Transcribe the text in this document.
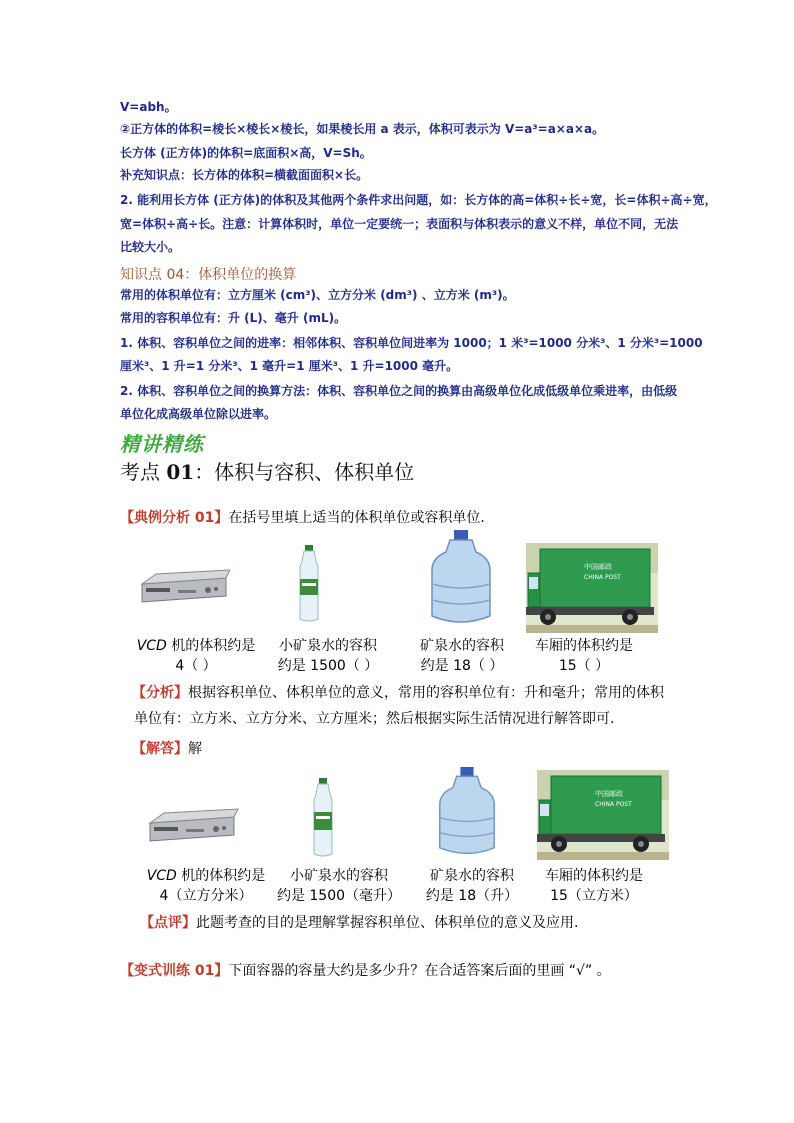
V=abh。
②正方体的体积=棱长×棱长×棱长，如果棱长用 a 表示，体积可表示为 V=a³=a×a×a。
长方体 (正方体)的体积=底面积×高，V=Sh。
补充知识点：长方体的体积=横截面面积×长。
2. 能利用长方体 (正方体)的体积及其他两个条件求出问题，如：长方体的高=体积÷长÷宽，长=体积÷高÷宽，
宽=体积÷高÷长。注意：计算体积时，单位一定要统一；表面积与体积表示的意义不样，单位不同，无法
比较大小。
知识点 04：体积单位的换算
常用的体积单位有：立方厘米 (cm³)、立方分米 (dm³) 、立方米 (m³)。
常用的容积单位有：升 (L)、毫升 (mL)。
1. 体积、容积单位之间的进率：相邻体积、容积单位间进率为 1000；1 米³=1000 分米³、1 分米³=1000
厘米³、1 升=1 分米³、1 毫升=1 厘米³、1 升=1000 毫升。
2. 体积、容积单位之间的换算方法：体积、容积单位之间的换算由高级单位化成低级单位乘进率，由低级
单位化成高级单位除以进率。
精讲精练
考点 01：体积与容积、体积单位
【典例分析 01】在括号里填上适当的体积单位或容积单位.
中国邮政
CHINA POST
VCD 机的体积约是
4（ ）
小矿泉水的容积
约是 1500（ ）
矿泉水的容积
约是 18（ ）
车厢的体积约是
15（ ）
【分析】根据容积单位、体积单位的意义，常用的容积单位有：升和毫升；常用的体积
单位有：立方米、立方分米、立方厘米；然后根据实际生活情况进行解答即可.
【解答】解
中国邮政
CHINA POST
VCD 机的体积约是
4（立方分米）
小矿泉水的容积
约是 1500（毫升）
矿泉水的容积
约是 18（升）
车厢的体积约是
15（立方米）
【点评】此题考查的目的是理解掌握容积单位、体积单位的意义及应用.
【变式训练 01】下面容器的容量大约是多少升？在合适答案后面的里画 “√” 。
